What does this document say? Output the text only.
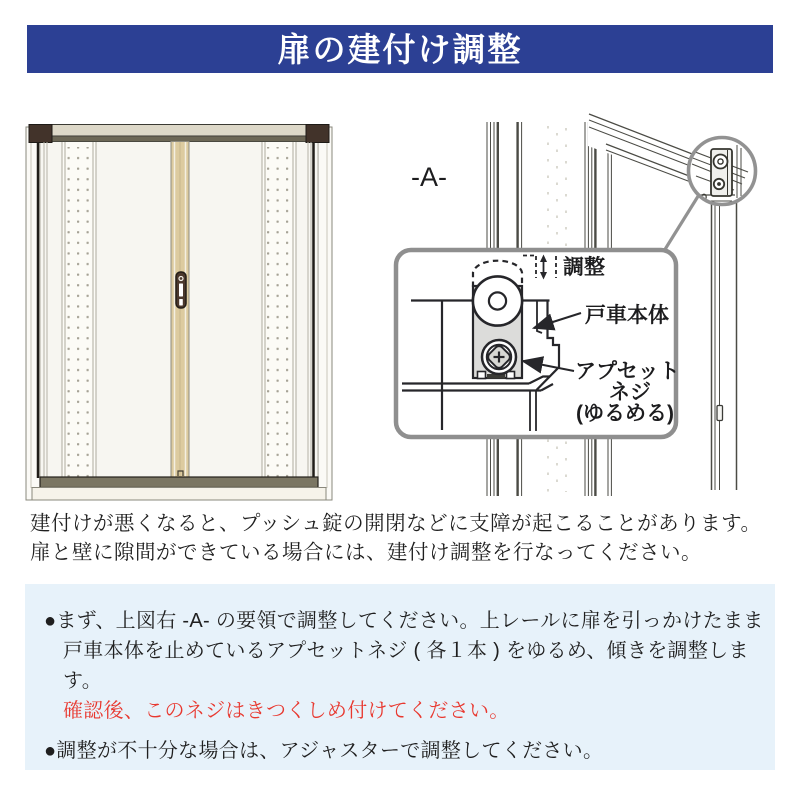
扉の建付け調整
調整
戸車本体
アプセット
ネジ
(ゆるめる)
-A-
建付けが悪くなると、プッシュ錠の開閉などに支障が起こることがあります。
扉と壁に隙間ができている場合には、建付け調整を行なってください。

●まず、上図右 -A- の要領で調整してください。上レールに扉を引っかけたまま
戸車本体を止めているアプセットネジ ( 各１本 ) をゆるめ、傾きを調整します。
確認後、このネジはきつくしめ付けてください。

●調整が不十分な場合は、アジャスターで調整してください。
